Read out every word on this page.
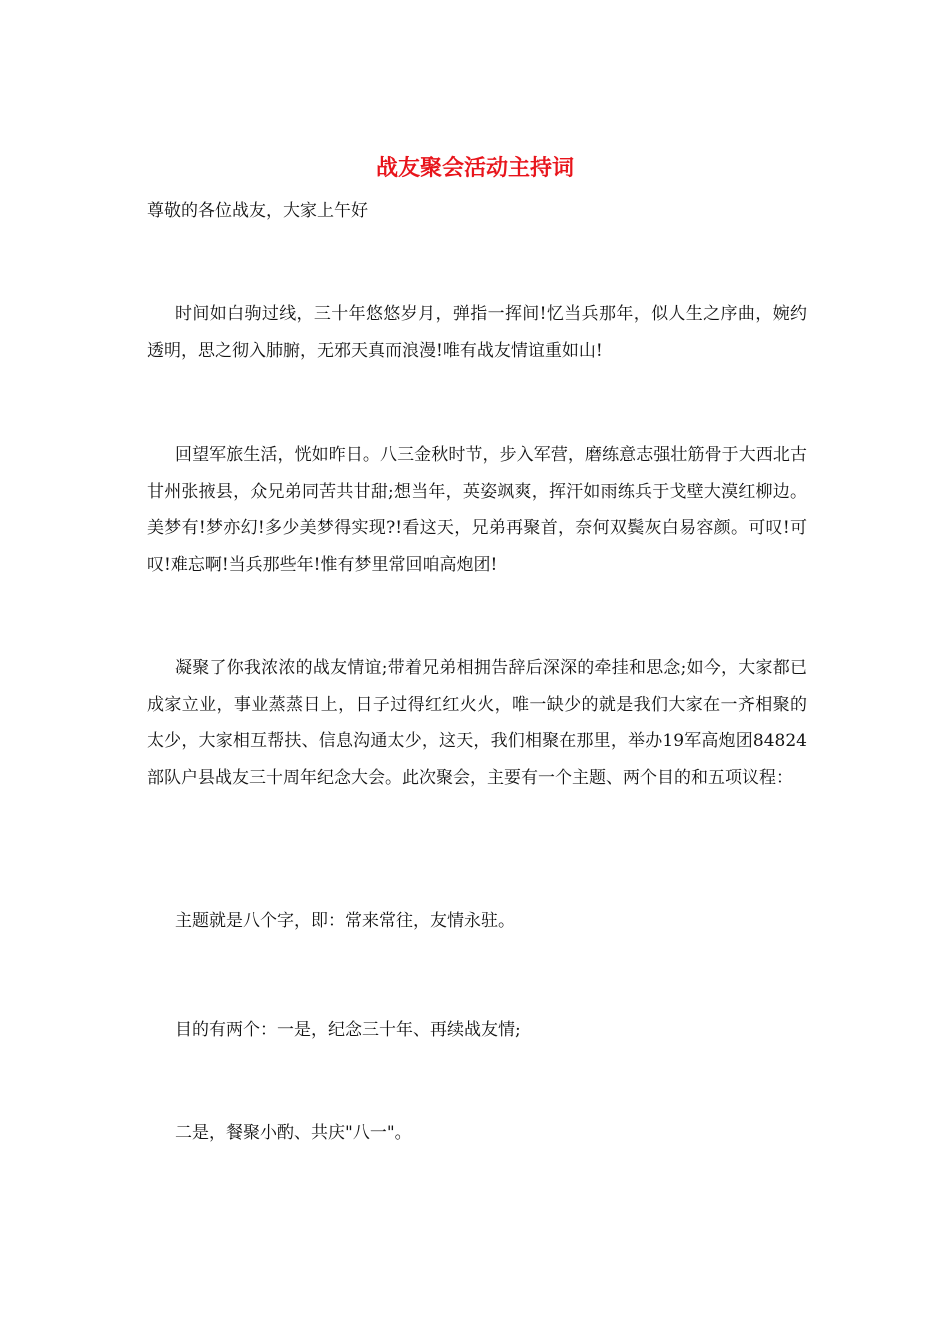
战友聚会活动主持词
尊敬的各位战友，大家上午好

时间如白驹过线，三十年悠悠岁月，弹指一挥间!忆当兵那年，似人生之序曲，婉约透明，思之彻入肺腑，无邪天真而浪漫!唯有战友情谊重如山!

回望军旅生活，恍如昨日。八三金秋时节，步入军营，磨练意志强壮筋骨于大西北古甘州张掖县，众兄弟同苦共甘甜;想当年，英姿飒爽，挥汗如雨练兵于戈壁大漠红柳边。美梦有!梦亦幻!多少美梦得实现?!看这天，兄弟再聚首，奈何双鬓灰白易容颜。可叹!可叹!难忘啊!当兵那些年!惟有梦里常回咱高炮团!

凝聚了你我浓浓的战友情谊;带着兄弟相拥告辞后深深的牵挂和思念;如今，大家都已成家立业，事业蒸蒸日上，日子过得红红火火，唯一缺少的就是我们大家在一齐相聚的太少，大家相互帮扶、信息沟通太少，这天，我们相聚在那里，举办19军高炮团84824部队户县战友三十周年纪念大会。此次聚会，主要有一个主题、两个目的和五项议程：

主题就是八个字，即：常来常往，友情永驻。

目的有两个：一是，纪念三十年、再续战友情;

二是，餐聚小酌、共庆"八一"。
